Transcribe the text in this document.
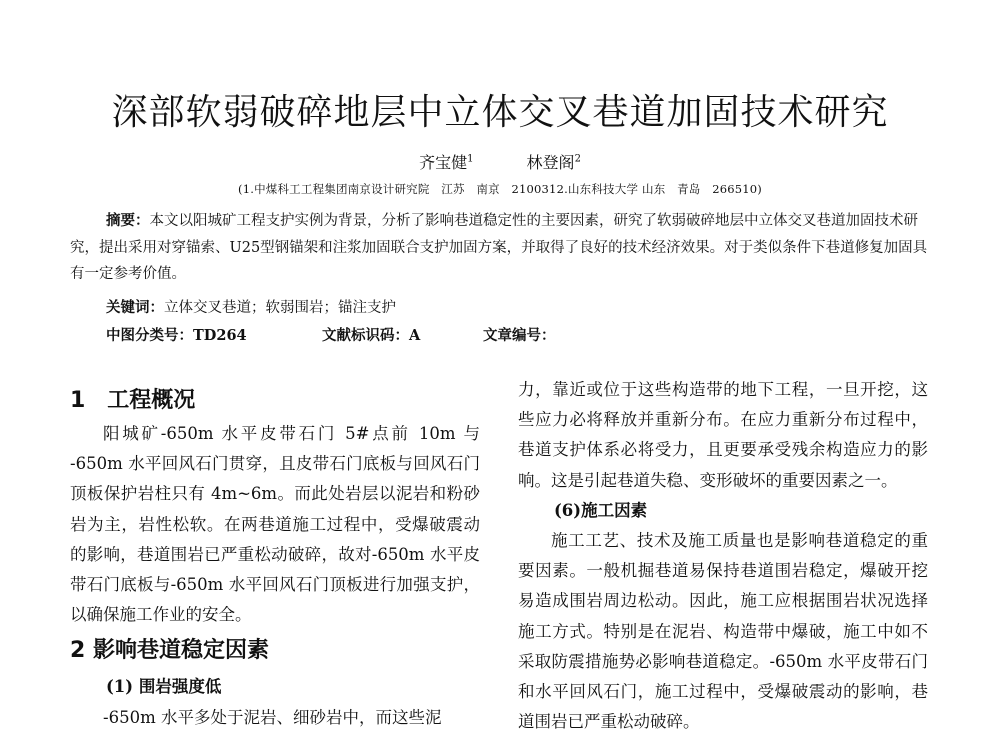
深部软弱破碎地层中立体交叉巷道加固技术研究
齐宝健$^1$	林登阁$^2$
(1.中煤科工工程集团南京设计研究院　江苏　南京　2100312.山东科技大学 山东　青岛　266510)
摘要：本文以阳城矿工程支护实例为背景，分析了影响巷道稳定性的主要因素，研究了软弱破碎地层中立体交叉巷道加固技术研究，提出采用对穿锚索、U25型钢锚架和注浆加固联合支护加固方案，并取得了良好的技术经济效果。对于类似条件下巷道修复加固具有一定参考价值。
关键词：立体交叉巷道；软弱围岩；锚注支护
中图分类号：TD264	文献标识码：A	文章编号：
1　工程概况

阳城矿-650m 水平皮带石门 5#点前 10m 与 -650m 水平回风石门贯穿，且皮带石门底板与回风石门顶板保护岩柱只有 4m~6m。而此处岩层以泥岩和粉砂岩为主，岩性松软。在两巷道施工过程中，受爆破震动的影响，巷道围岩已严重松动破碎，故对-650m 水平皮带石门底板与-650m 水平回风石门顶板进行加强支护，以确保施工作业的安全。

2 影响巷道稳定因素
(1) 围岩强度低

-650m 水平多处于泥岩、细砂岩中，而这些泥

力，靠近或位于这些构造带的地下工程，一旦开挖，这些应力必将释放并重新分布。在应力重新分布过程中，巷道支护体系必将受力，且更要承受残余构造应力的影响。这是引起巷道失稳、变形破坏的重要因素之一。

(6)施工因素

施工工艺、技术及施工质量也是影响巷道稳定的重要因素。一般机掘巷道易保持巷道围岩稳定，爆破开挖易造成围岩周边松动。因此，施工应根据围岩状况选择施工方式。特别是在泥岩、构造带中爆破，施工中如不采取防震措施势必影响巷道稳定。-650m 水平皮带石门和水平回风石门，施工过程中，受爆破震动的影响，巷道围岩已严重松动破碎。
